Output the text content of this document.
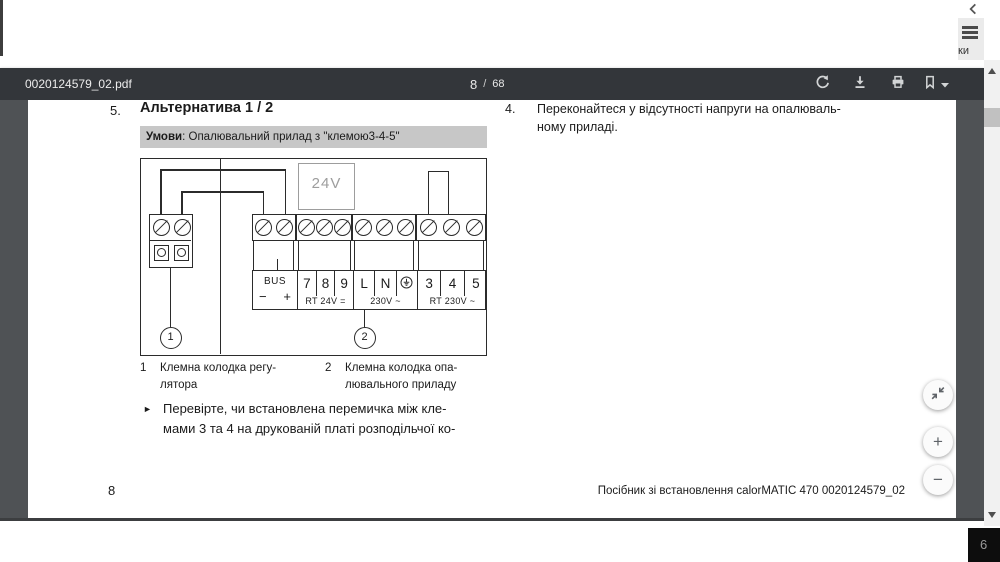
ки
0020124579_02.pdf	8 / 68
5. Альтернатива 1 / 2
Умови: Опалювальний прилад з "клемою3-4-5"
24V
BUS
− +
7 8 9
RT 24V =
L N
230V ~
3	4	5
RT 230V ~
1	2
1 Клемна колодка регу-
лятора
2 Клемна колодка опа-
лювального приладу
► Перевірте, чи встановлена перемичка між кле-
мами 3 та 4 на друкованій платі розподільчої ко-
4. Переконайтеся у відсутності напруги на опалюваль-
ному приладі.
8	Посібник зі встановлення calorMATIC 470 0020124579_02
+
−
6
